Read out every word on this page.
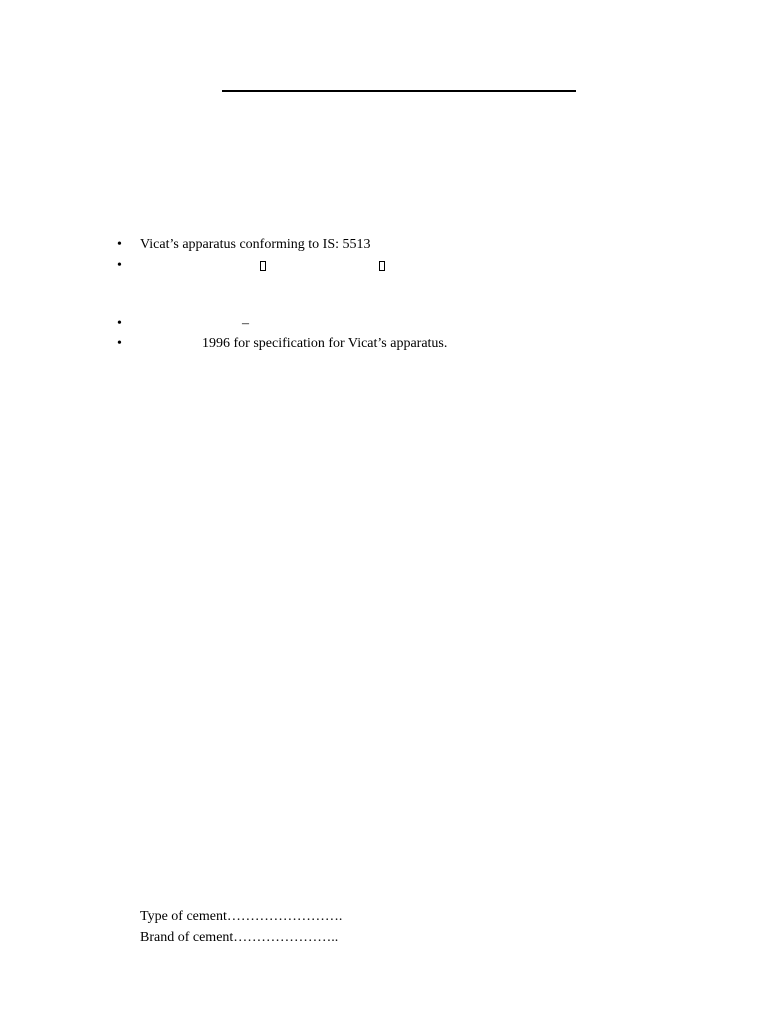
•	Vicat’s apparatus conforming to IS: 5513
•
•	–
•	1996 for specification for Vicat’s apparatus.
Type of cement…………………….
Brand of cement…………………..
